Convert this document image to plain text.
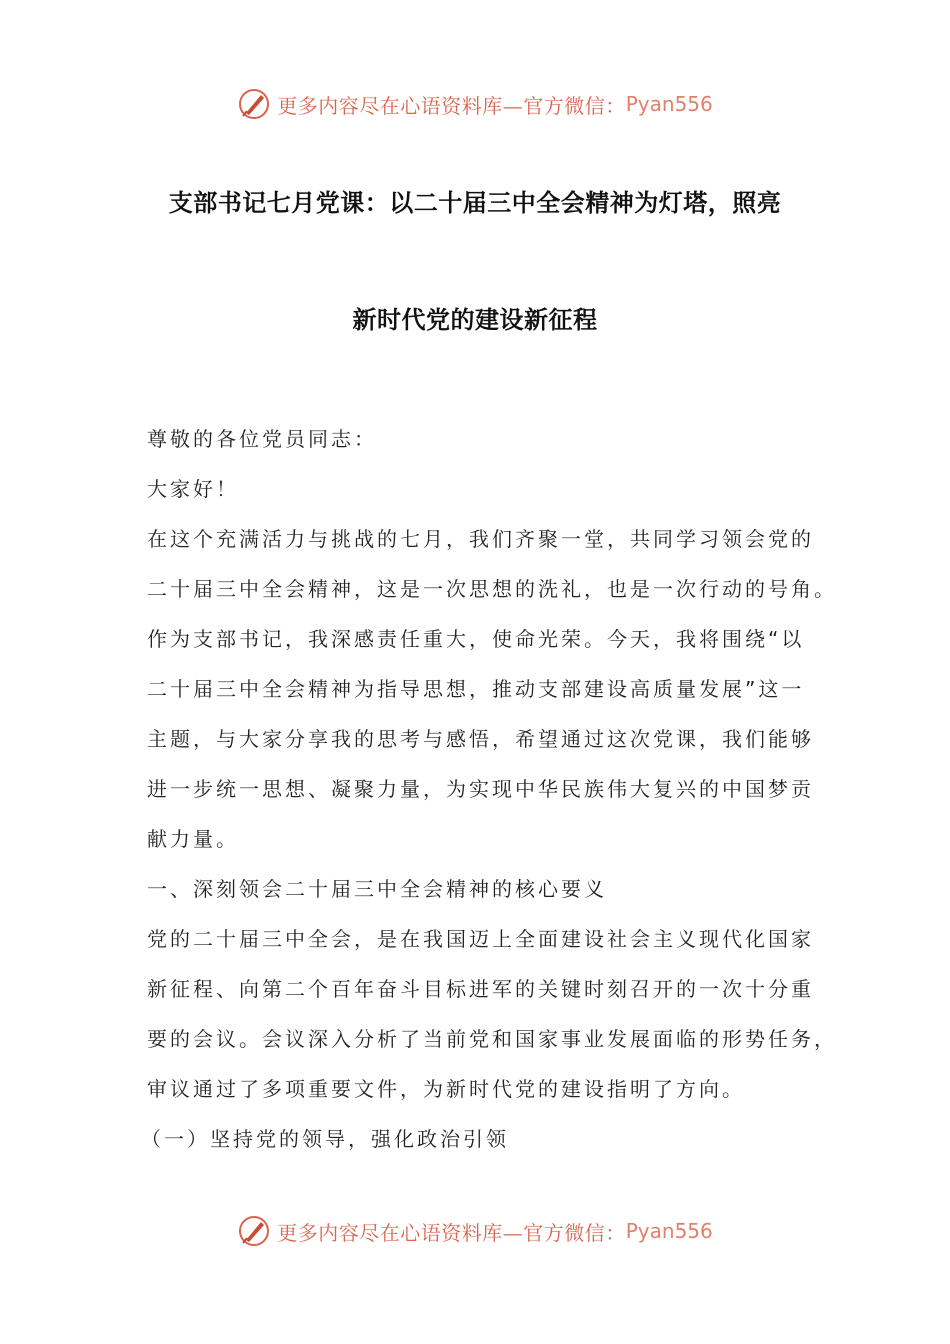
更多内容尽在心语资料库—官方微信： Pyan556
支部书记七月党课：以二十届三中全会精神为灯塔，照亮
新时代党的建设新征程
尊敬的各位党员同志：
大家好！
在这个充满活力与挑战的七月，我们齐聚一堂，共同学习领会党的
二十届三中全会精神，这是一次思想的洗礼，也是一次行动的号角。
作为支部书记，我深感责任重大，使命光荣。今天，我将围绕“以
二十届三中全会精神为指导思想，推动支部建设高质量发展”这一
主题，与大家分享我的思考与感悟，希望通过这次党课，我们能够
进一步统一思想、凝聚力量，为实现中华民族伟大复兴的中国梦贡
献力量。
一、深刻领会二十届三中全会精神的核心要义
党的二十届三中全会，是在我国迈上全面建设社会主义现代化国家
新征程、向第二个百年奋斗目标进军的关键时刻召开的一次十分重
要的会议。会议深入分析了当前党和国家事业发展面临的形势任务，
审议通过了多项重要文件，为新时代党的建设指明了方向。
（一）坚持党的领导，强化政治引领
更多内容尽在心语资料库—官方微信： Pyan556
